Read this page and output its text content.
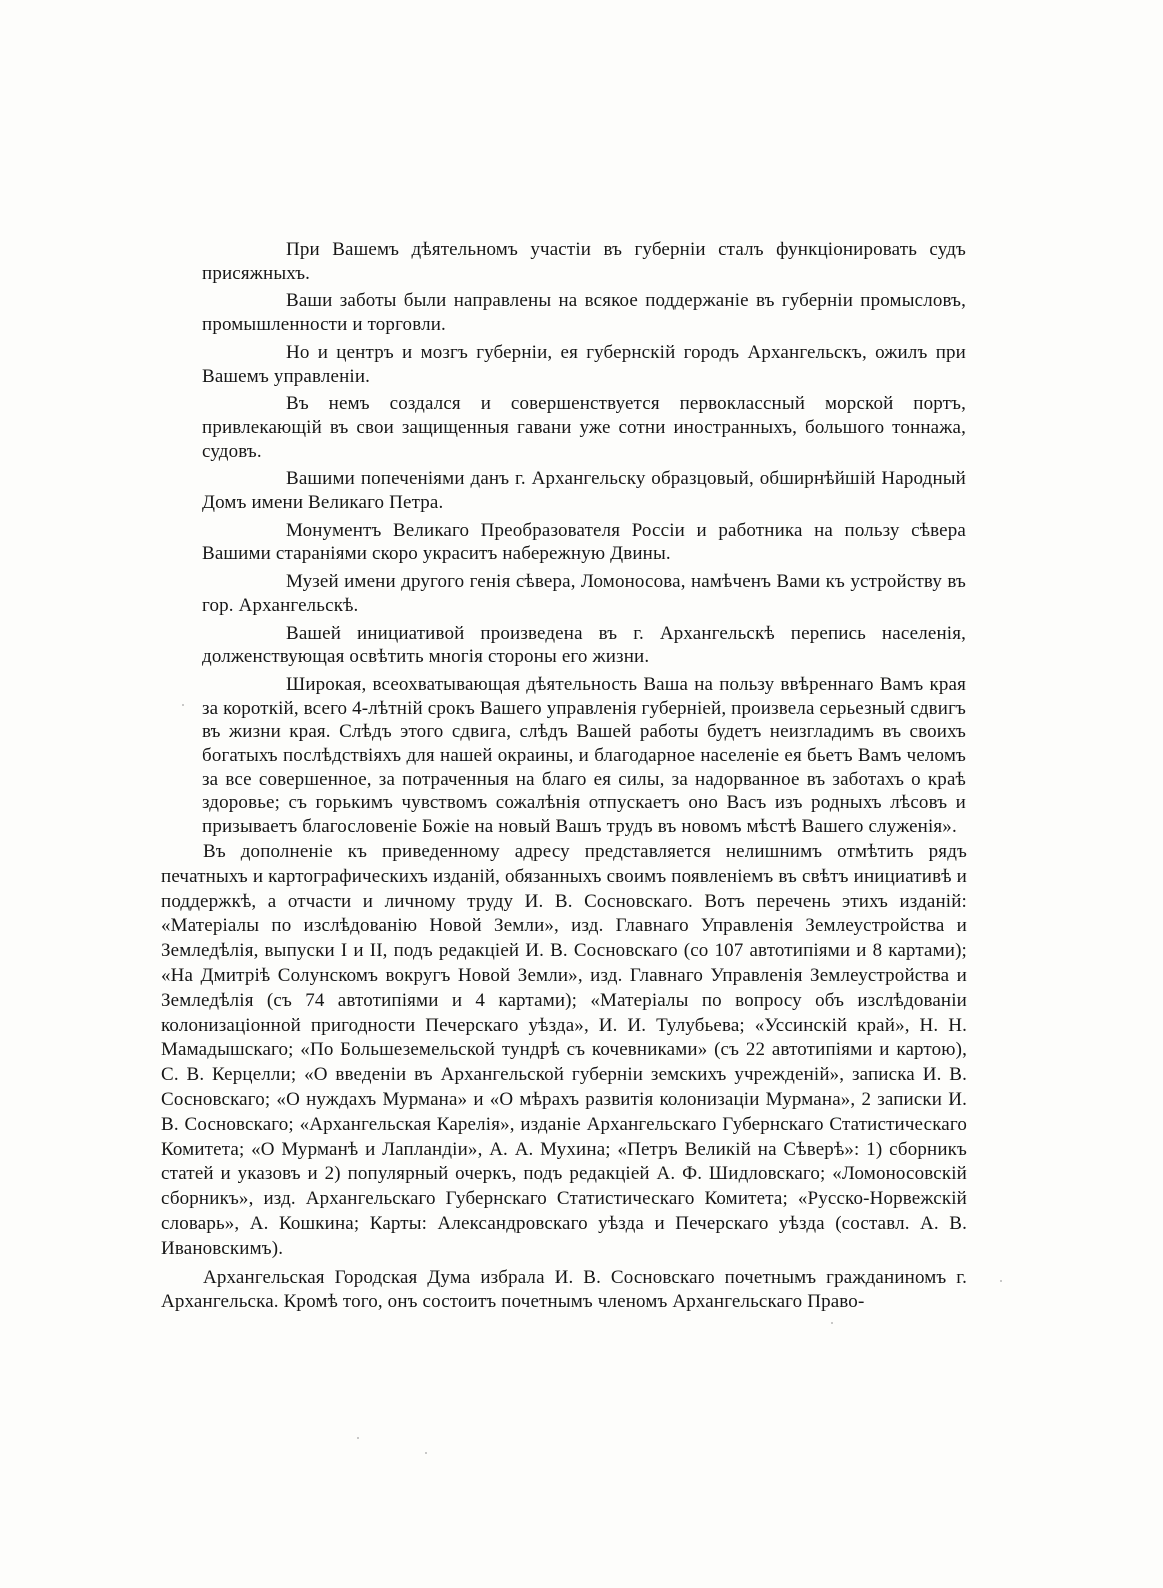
При Вашемъ дѣятельномъ участiи въ губернiи сталъ функцiонировать судъ присяжныхъ.

Ваши заботы были направлены на всякое поддержанiе въ губернiи промысловъ, промышленности и торговли.

Но и центръ и мозгъ губернiи, ея губернскiй городъ Архангельскъ, ожилъ при Вашемъ управленiи.

Въ немъ создался и совершенствуется первоклассный морской портъ, привлекающiй въ свои защищенныя гавани уже сотни иностранныхъ, большого тоннажа, судовъ.

Вашими попеченiями данъ г. Архангельску образцовый, обширнѣйшiй Народный Домъ имени Великаго Петра.

Монументъ Великаго Преобразователя Россiи и работника на пользу сѣвера Вашими старанiями скоро украситъ набережную Двины.

Музей имени другого генiя сѣвера, Ломоносова, намѣченъ Вами къ устройству въ гор. Архангельскѣ.

Вашей инициативой произведена въ г. Архангельскѣ перепись населенiя, долженствующая освѣтить многiя стороны его жизни.

Широкая, всеохватывающая дѣятельность Ваша на пользу ввѣреннаго Вамъ края за короткiй, всего 4-лѣтнiй срокъ Вашего управленiя губернiей, произвела серьезный сдвигъ въ жизни края. Слѣдъ этого сдвига, слѣдъ Вашей работы будетъ неизгладимъ въ своихъ богатыхъ послѣдствiяхъ для нашей окраины, и благодарное населенiе ея бьетъ Вамъ челомъ за все совершенное, за потраченныя на благо ея силы, за надорванное въ заботахъ о краѣ здоровье; съ горькимъ чувствомъ сожалѣнiя отпускаетъ оно Васъ изъ родныхъ лѣсовъ и призываетъ благословенiе Божie на новый Вашъ трудъ въ новомъ мѣстѣ Вашего служенiя».

Въ дополненiе къ приведенному адресу представляется нелишнимъ отмѣтить рядъ печатныхъ и картографическихъ изданiй, обязанныхъ своимъ появленiемъ въ свѣтъ инициативѣ и поддержкѣ, а отчасти и личному труду И. В. Сосновскаго. Вотъ перечень этихъ изданiй: «Матерiалы по изслѣдованiю Новой Земли», изд. Главнаго Управленiя Землеустройства и Земледѣлiя, выпуски I и II, подъ редакцiей И. В. Сосновскаго (со 107 автотипiями и 8 картами); «На Дмитрiѣ Солунскомъ вокругъ Новой Земли», изд. Главнаго Управленiя Землеустройства и Земледѣлiя (съ 74 автотипiями и 4 картами); «Матерiалы по вопросу объ изслѣдованiи колонизацiонной пригодности Печерскаго уѣзда», И. И. Тулубьева; «Уссинскiй край», Н. Н. Мамадышскаго; «По Большеземельской тундрѣ съ кочевниками» (съ 22 автотипiями и картою), С. В. Керцелли; «О введенiи въ Архангельской губернiи земскихъ учрежденiй», записка И. В. Сосновскаго; «О нуждахъ Мурмана» и «О мѣрахъ развитiя колонизацiи Мурмана», 2 записки И. В. Сосновскаго; «Архангельская Карелiя», изданiе Архангельскаго Губернскаго Статистическаго Комитета; «О Мурманѣ и Лапландiи», А. А. Мухина; «Петръ Великiй на Сѣверѣ»: 1) сборникъ статей и указовъ и 2) популярный очеркъ, подъ редакцiей А. Ф. Шидловскаго; «Ломоносовскiй сборникъ», изд. Архангельскаго Губернскаго Статистическаго Комитета; «Русско-Норвежскiй словарь», А. Кошкина; Карты: Александровскаго уѣзда и Печерскаго уѣзда (составл. А. В. Ивановскимъ).

Архангельская Городская Дума избрала И. В. Сосновскаго почетнымъ гражданиномъ г. Архангельска. Кромѣ того, онъ состоитъ почетнымъ членомъ Архангельскаго Право-
